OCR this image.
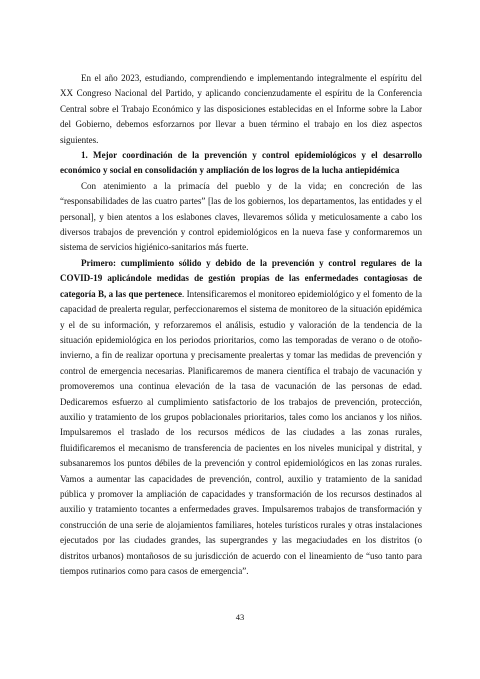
En el año 2023, estudiando, comprendiendo e implementando integralmente el espíritu del XX Congreso Nacional del Partido, y aplicando concienzudamente el espíritu de la Conferencia Central sobre el Trabajo Económico y las disposiciones establecidas en el Informe sobre la Labor del Gobierno, debemos esforzarnos por llevar a buen término el trabajo en los diez aspectos siguientes.

1. Mejor coordinación de la prevención y control epidemiológicos y el desarrollo económico y social en consolidación y ampliación de los logros de la lucha antiepidémica

Con atenimiento a la primacía del pueblo y de la vida; en concreción de las “responsabilidades de las cuatro partes” [las de los gobiernos, los departamentos, las entidades y el personal], y bien atentos a los eslabones claves, llevaremos sólida y meticulosamente a cabo los diversos trabajos de prevención y control epidemiológicos en la nueva fase y conformaremos un sistema de servicios higiénico-sanitarios más fuerte.

Primero: cumplimiento sólido y debido de la prevención y control regulares de la COVID-19 aplicándole medidas de gestión propias de las enfermedades contagiosas de categoría B, a las que pertenece. Intensificaremos el monitoreo epidemiológico y el fomento de la capacidad de prealerta regular, perfeccionaremos el sistema de monitoreo de la situación epidémica y el de su información, y reforzaremos el análisis, estudio y valoración de la tendencia de la situación epidemiológica en los periodos prioritarios, como las temporadas de verano o de otoño-invierno, a fin de realizar oportuna y precisamente prealertas y tomar las medidas de prevención y control de emergencia necesarias. Planificaremos de manera científica el trabajo de vacunación y promoveremos una continua elevación de la tasa de vacunación de las personas de edad. Dedicaremos esfuerzo al cumplimiento satisfactorio de los trabajos de prevención, protección, auxilio y tratamiento de los grupos poblacionales prioritarios, tales como los ancianos y los niños. Impulsaremos el traslado de los recursos médicos de las ciudades a las zonas rurales, fluidificaremos el mecanismo de transferencia de pacientes en los niveles municipal y distrital, y subsanaremos los puntos débiles de la prevención y control epidemiológicos en las zonas rurales. Vamos a aumentar las capacidades de prevención, control, auxilio y tratamiento de la sanidad pública y promover la ampliación de capacidades y transformación de los recursos destinados al auxilio y tratamiento tocantes a enfermedades graves. Impulsaremos trabajos de transformación y construcción de una serie de alojamientos familiares, hoteles turísticos rurales y otras instalaciones ejecutados por las ciudades grandes, las supergrandes y las megaciudades en los distritos (o distritos urbanos) montañosos de su jurisdicción de acuerdo con el lineamiento de “uso tanto para tiempos rutinarios como para casos de emergencia”.

43
